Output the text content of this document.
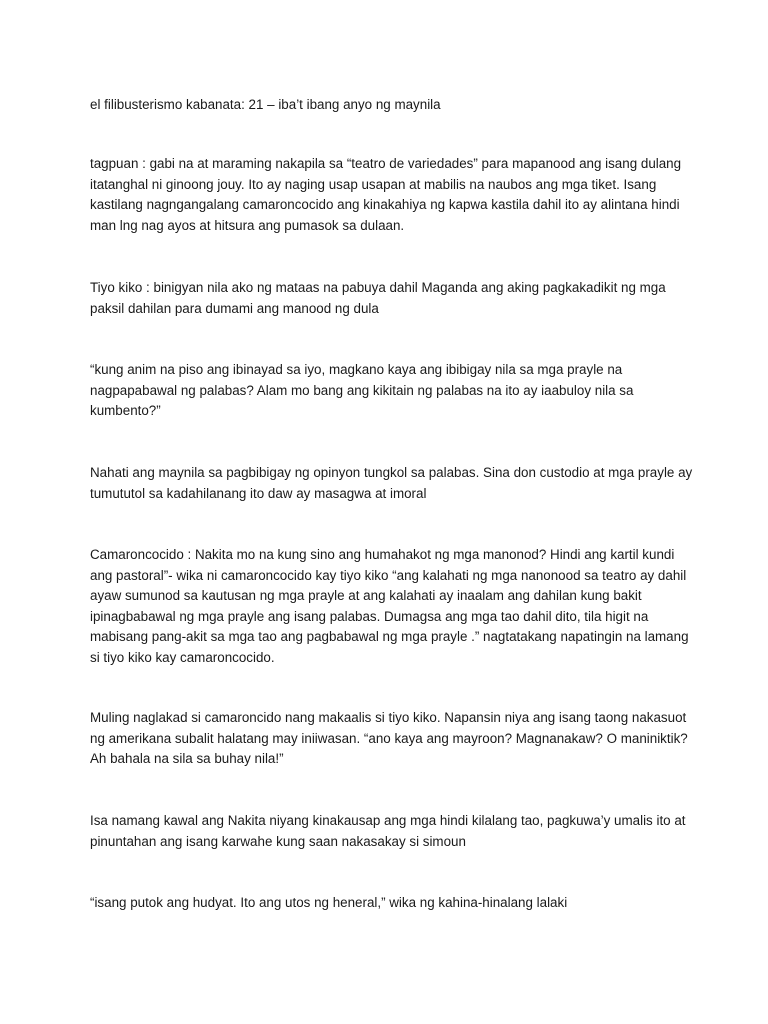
el filibusterismo kabanata: 21 – iba’t ibang anyo ng maynila

tagpuan : gabi na at maraming nakapila sa “teatro de variedades” para mapanood ang isang dulang itatanghal ni ginoong jouy. Ito ay naging usap usapan at mabilis na naubos ang mga tiket. Isang kastilang nagngangalang camaroncocido ang kinakahiya ng kapwa kastila dahil ito ay alintana hindi man lng nag ayos at hitsura ang pumasok sa dulaan.

Tiyo kiko : binigyan nila ako ng mataas na pabuya dahil Maganda ang aking pagkakadikit ng mga paksil dahilan para dumami ang manood ng dula

“kung anim na piso ang ibinayad sa iyo, magkano kaya ang ibibigay nila sa mga prayle na nagpapabawal ng palabas? Alam mo bang ang kikitain ng palabas na ito ay iaabuloy nila sa kumbento?”

Nahati ang maynila sa pagbibigay ng opinyon tungkol sa palabas. Sina don custodio at mga prayle ay tumututol sa kadahilanang ito daw ay masagwa at imoral

Camaroncocido : Nakita mo na kung sino ang humahakot ng mga manonod? Hindi ang kartil kundi ang pastoral”- wika ni camaroncocido kay tiyo kiko “ang kalahati ng mga nanonood sa teatro ay dahil ayaw sumunod sa kautusan ng mga prayle at ang kalahati ay inaalam ang dahilan kung bakit ipinagbabawal ng mga prayle ang isang palabas. Dumagsa ang mga tao dahil dito, tila higit na mabisang pang-akit sa mga tao ang pagbabawal ng mga prayle .” nagtatakang napatingin na lamang si tiyo kiko kay camaroncocido.

Muling naglakad si camaroncido nang makaalis si tiyo kiko. Napansin niya ang isang taong nakasuot ng amerikana subalit halatang may iniiwasan. “ano kaya ang mayroon? Magnanakaw? O maniniktik? Ah bahala na sila sa buhay nila!”

Isa namang kawal ang Nakita niyang kinakausap ang mga hindi kilalang tao, pagkuwa’y umalis ito at pinuntahan ang isang karwahe kung saan nakasakay si simoun

“isang putok ang hudyat. Ito ang utos ng heneral,” wika ng kahina-hinalang lalaki
